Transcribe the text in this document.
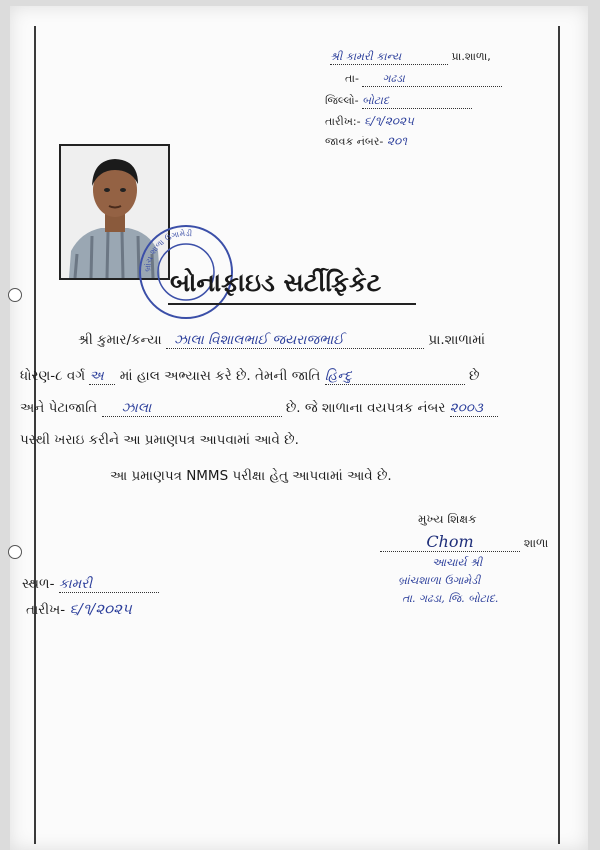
શ્રી કામરી કાન્ય	પ્રા.શાળા,
તા- ગઢડા
જિલ્લો- બોટાદ
તારીખ:- ૬/૧/૨૦૨૫
જાવક નંબર- ૨૦૧
બ્રાંચ શાળા ઉગામેડી
બોનાફાઇડ સર્ટીફિકેટ
શ્રી કુમાર/કન્યા ઝાલા વિશાલભાઈ જયરાજભાઈ	પ્રા.શાળામાં
ધોરણ-૮ વર્ગ અ માં હાલ અભ્યાસ કરે છે. તેમની જાતિ હિન્દુ	છે
અને પેટાજાતિ ઝાલા	છે. જે શાળાના વયપત્રક નંબર ૨૦૦૩
પરથી ખરાઇ કરીને આ પ્રમાણપત્ર આપવામાં આવે છે.
આ પ્રમાણપત્ર NMMS પરીક્ષા હેતુ આપવામાં આવે છે.
મુખ્ય શિક્ષક
Chom	શાળા
આચાર્ય શ્રી
બ્રાંચશાળા ઉગામેડી
તા. ગઢડા, જિ. બોટાદ.
સ્થળ- કામરી
તારીખ- ૬/૧/૨૦૨૫
